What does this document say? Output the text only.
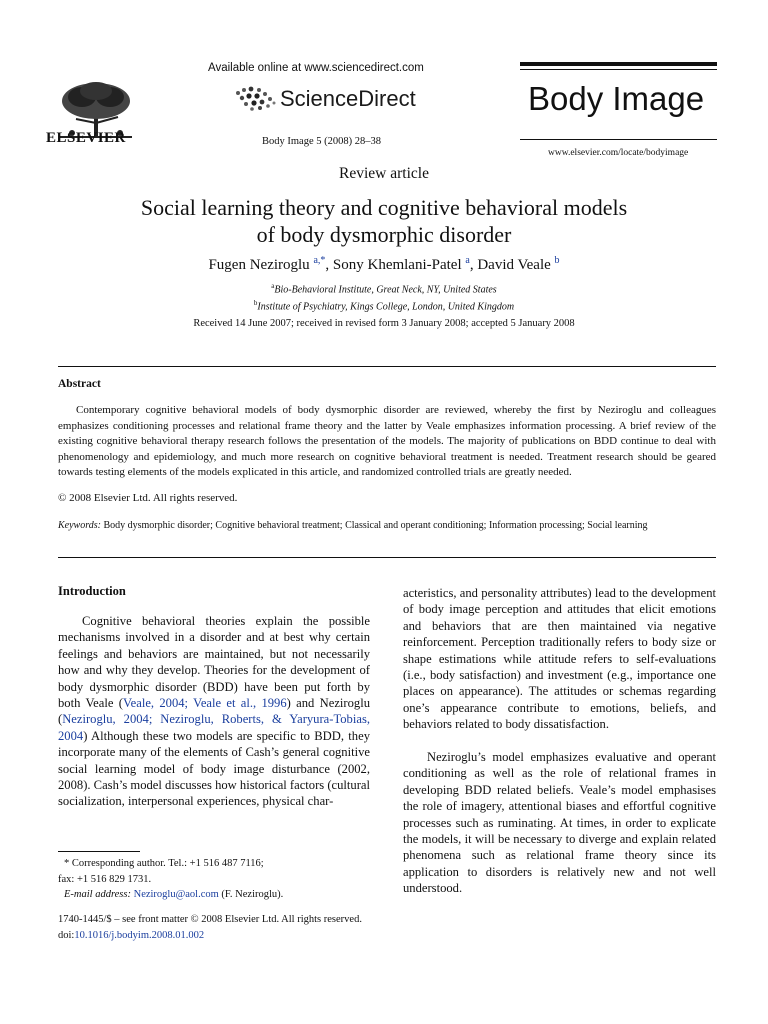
ELSEVIER
Available online at www.sciencedirect.com
ScienceDirect
Body Image 5 (2008) 28–38
Body Image
www.elsevier.com/locate/bodyimage
Review article
Social learning theory and cognitive behavioral models
of body dysmorphic disorder
Fugen Neziroglu $^{a,*}$, Sony Khemlani-Patel $^a$, David Veale $^b$
$^a$Bio-Behavioral Institute, Great Neck, NY, United States
$^b$Institute of Psychiatry, Kings College, London, United Kingdom
Received 14 June 2007; received in revised form 3 January 2008; accepted 5 January 2008
Abstract
Contemporary cognitive behavioral models of body dysmorphic disorder are reviewed, whereby the first by Neziroglu and colleagues emphasizes conditioning processes and relational frame theory and the latter by Veale emphasizes information processing. A brief review of the existing cognitive behavioral therapy research follows the presentation of the models. The majority of publications on BDD continue to deal with phenomenology and epidemiology, and much more research on cognitive behavioral treatment is needed. Treatment research should be geared towards testing elements of the models explicated in this article, and randomized controlled trials are greatly needed.
© 2008 Elsevier Ltd. All rights reserved.
Keywords: Body dysmorphic disorder; Cognitive behavioral treatment; Classical and operant conditioning; Information processing; Social learning
Introduction
Cognitive behavioral theories explain the possible mechanisms involved in a disorder and at best why certain feelings and behaviors are maintained, but not necessarily how and why they develop. Theories for the development of body dysmorphic disorder (BDD) have been put forth by both Veale (Veale, 2004; Veale et al., 1996) and Neziroglu (Neziroglu, 2004; Neziroglu, Roberts, & Yaryura-Tobias, 2004) Although these two models are specific to BDD, they incorporate many of the elements of Cash’s general cognitive social learning model of body image disturbance (2002, 2008). Cash’s model discusses how historical factors (cultural socialization, interpersonal experiences, physical char-
acteristics, and personality attributes) lead to the development of body image perception and attitudes that elicit emotions and behaviors that are then maintained via negative reinforcement. Perception traditionally refers to body size or shape estimations while attitude refers to self-evaluations (i.e., body satisfaction) and investment (e.g., importance one places on appearance). The attitudes or schemas regarding one’s appearance contribute to emotions, beliefs, and behaviors related to body dissatisfaction.
Neziroglu’s model emphasizes evaluative and operant conditioning as well as the role of relational frames in developing BDD related beliefs. Veale’s model emphasises the role of imagery, attentional biases and effortful cognitive processes such as ruminating. At times, in order to explicate the models, it will be necessary to diverge and explain related phenomena such as relational frame theory since its application to disorders is relatively new and not well understood.
* Corresponding author. Tel.: +1 516 487 7116;
fax: +1 516 829 1731.
E-mail address: Neziroglu@aol.com (F. Neziroglu).
1740-1445/$ – see front matter © 2008 Elsevier Ltd. All rights reserved.
doi:10.1016/j.bodyim.2008.01.002
